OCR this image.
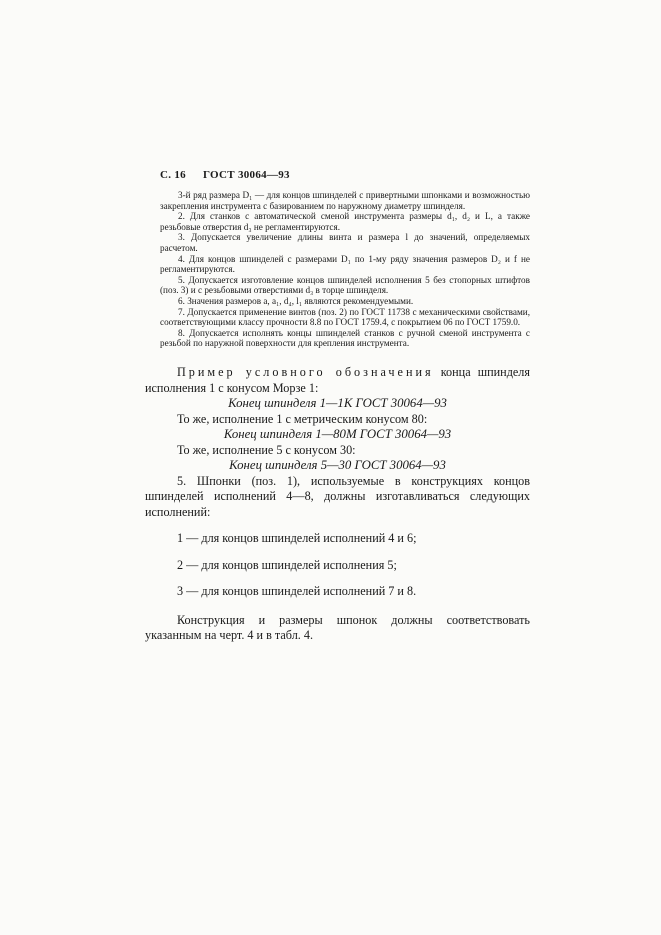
С. 16 ГОСТ 30064—93

3-й ряд размера D₁ — для концов шпинделей с привертными шпонками и возможностью закрепления инструмента с базированием по наружному диаметру шпинделя.

2. Для станков с автоматической сменой инструмента размеры d₁, d₂ и L, а также резьбовые отверстия d₃ не регламентируются.

3. Допускается увеличение длины винта и размера l до значений, определяемых расчетом.

4. Для концов шпинделей с размерами D₁ по 1-му ряду значения размеров D₂ и f не регламентируются.

5. Допускается изготовление концов шпинделей исполнения 5 без стопорных штифтов (поз. 3) и с резьбовыми отверстиями d₃ в торце шпинделя.

6. Значения размеров a, a₁, d₄, l₁ являются рекомендуемыми.

7. Допускается применение винтов (поз. 2) по ГОСТ 11738 с механическими свойствами, соответствующими классу прочности 8.8 по ГОСТ 1759.4, с покрытием 06 по ГОСТ 1759.0.

8. Допускается исполнять концы шпинделей станков с ручной сменой инструмента с резьбой по наружной поверхности для крепления инструмента.

Пример условного обозначения конца шпинделя исполнения 1 с конусом Морзе 1:

Конец шпинделя 1—1К ГОСТ 30064—93

То же, исполнение 1 с метрическим конусом 80:

Конец шпинделя 1—80М ГОСТ 30064—93

То же, исполнение 5 с конусом 30:

Конец шпинделя 5—30 ГОСТ 30064—93

5. Шпонки (поз. 1), используемые в конструкциях концов шпинделей исполнений 4—8, должны изготавливаться следующих исполнений:

1 — для концов шпинделей исполнений 4 и 6;

2 — для концов шпинделей исполнения 5;

3 — для концов шпинделей исполнений 7 и 8.

Конструкция и размеры шпонок должны соответствовать указанным на черт. 4 и в табл. 4.
